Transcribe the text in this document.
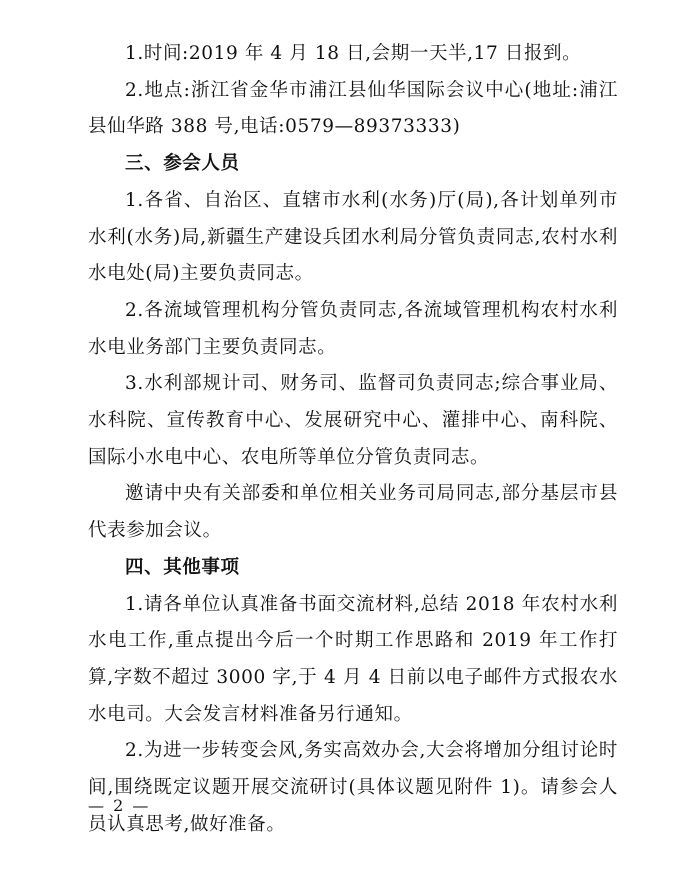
1.时间:2019 年 4 月 18 日,会期一天半,17 日报到。

2.地点:浙江省金华市浦江县仙华国际会议中心(地址:浦江县仙华路 388 号,电话:0579—89373333)

三、参会人员

1.各省、自治区、直辖市水利(水务)厅(局),各计划单列市水利(水务)局,新疆生产建设兵团水利局分管负责同志,农村水利水电处(局)主要负责同志。

2.各流域管理机构分管负责同志,各流域管理机构农村水利水电业务部门主要负责同志。

3.水利部规计司、财务司、监督司负责同志;综合事业局、水科院、宣传教育中心、发展研究中心、灌排中心、南科院、国际小水电中心、农电所等单位分管负责同志。

邀请中央有关部委和单位相关业务司局同志,部分基层市县代表参加会议。

四、其他事项

1.请各单位认真准备书面交流材料,总结 2018 年农村水利水电工作,重点提出今后一个时期工作思路和 2019 年工作打算,字数不超过 3000 字,于 4 月 4 日前以电子邮件方式报农水水电司。大会发言材料准备另行通知。

2.为进一步转变会风,务实高效办会,大会将增加分组讨论时间,围绕既定议题开展交流研讨(具体议题见附件 1)。请参会人员认真思考,做好准备。

— 2 —
